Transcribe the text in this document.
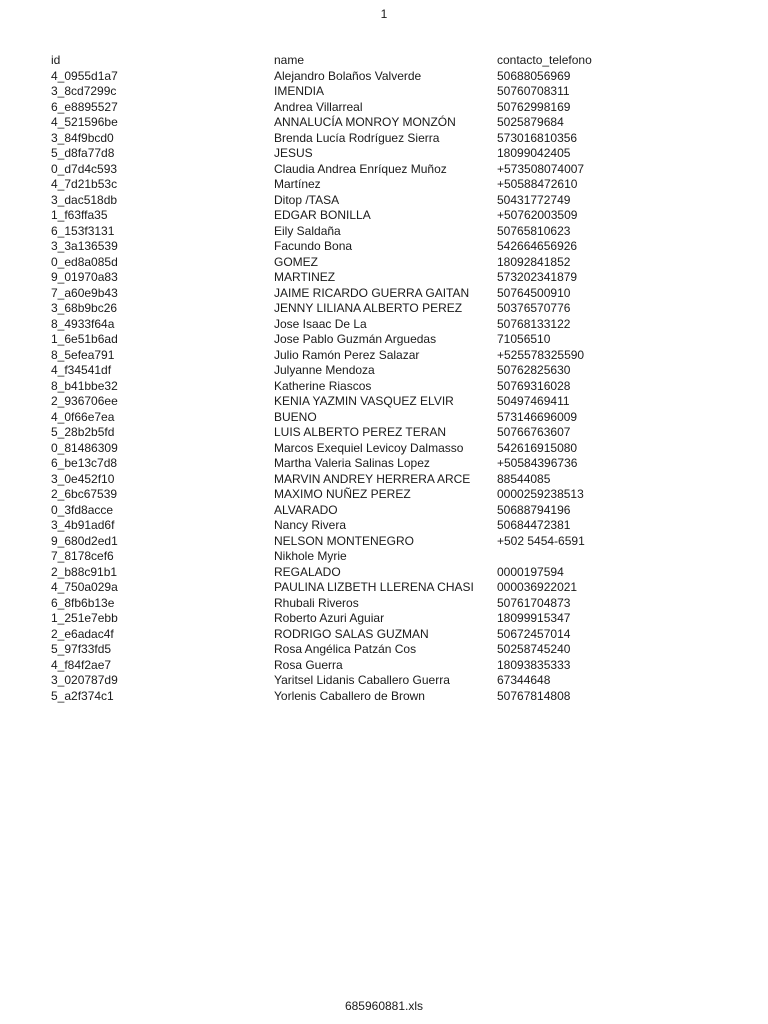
1
id	name	contacto_telefono
4_0955d1a7	Alejandro Bolaños Valverde	50688056969
3_8cd7299c	IMENDIA	50760708311
6_e8895527	Andrea Villarreal	50762998169
4_521596be	ANNALUCÍA MONROY MONZÓN	5025879684
3_84f9bcd0	Brenda Lucía Rodríguez Sierra	573016810356
5_d8fa77d8	JESUS	18099042405
0_d7d4c593	Claudia Andrea Enríquez Muñoz	+573508074007
4_7d21b53c	Martínez	+50588472610
3_dac518db	Ditop /TASA	50431772749
1_f63ffa35	EDGAR BONILLA	+50762003509
6_153f3131	Eily Saldaña	50765810623
3_3a136539	Facundo Bona	542664656926
0_ed8a085d	GOMEZ	18092841852
9_01970a83	MARTINEZ	573202341879
7_a60e9b43	JAIME RICARDO GUERRA GAITAN 50764500910
3_68b9bc26	JENNY LILIANA ALBERTO PEREZ	50376570776
8_4933f64a	Jose Isaac De La	50768133122
1_6e51b6ad	Jose Pablo Guzmán Arguedas	71056510
8_5efea791	Julio Ramón Perez Salazar	+525578325590
4_f34541df	Julyanne Mendoza	50762825630
8_b41bbe32	Katherine Riascos	50769316028
2_936706ee	KENIA YAZMIN VASQUEZ ELVIR	50497469411
4_0f66e7ea	BUENO	573146696009
5_28b2b5fd	LUIS ALBERTO PEREZ TERAN	50766763607
0_81486309	Marcos Exequiel Levicoy Dalmasso	542616915080
6_be13c7d8	Martha Valeria Salinas Lopez	+50584396736
3_0e452f10	MARVIN ANDREY HERRERA ARCE 88544085
2_6bc67539	MAXIMO NUÑEZ PEREZ	0000259238513
0_3fd8acce	ALVARADO	50688794196
3_4b91ad6f	Nancy Rivera	50684472381
9_680d2ed1	NELSON MONTENEGRO	+502 5454-6591
7_8178cef6	Nikhole Myrie
2_b88c91b1	REGALADO	0000197594
4_750a029a	PAULINA LIZBETH LLERENA CHASI 000036922021
6_8fb6b13e	Rhubali Riveros	50761704873
1_251e7ebb	Roberto Azuri Aguiar	18099915347
2_e6adac4f	RODRIGO SALAS GUZMAN	50672457014
5_97f33fd5	Rosa Angélica Patzán Cos	50258745240
4_f84f2ae7	Rosa Guerra	18093835333
3_020787d9	Yaritsel Lidanis Caballero Guerra	67344648
5_a2f374c1	Yorlenis Caballero de Brown	50767814808
685960881.xls
